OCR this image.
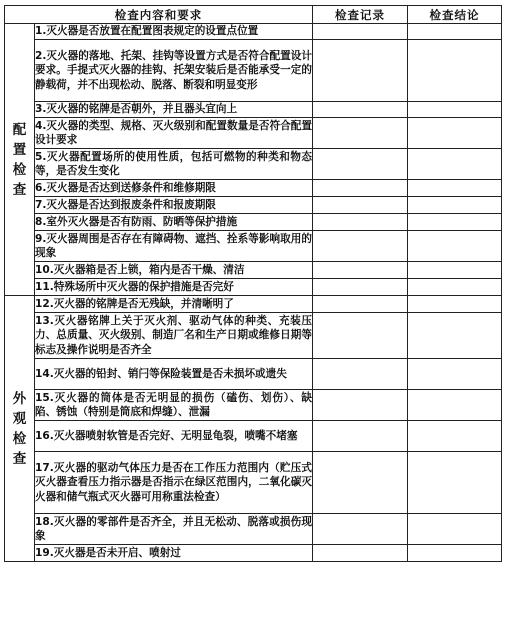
检查内容和要求		检查记录	检查结论

配置检查	1.灭火器是否放置在配置图表规定的设置点位置		
	2.灭火器的落地、托架、挂钩等设置方式是否符合配置设计要求。手提式灭火器的挂钩、托架安装后是否能承受一定的静载荷，并不出现松动、脱落、断裂和明显变形		
	3.灭火器的铭牌是否朝外，并且器头宜向上		
	4.灭火器的类型、规格、灭火级别和配置数量是否符合配置设计要求		
	5.灭火器配置场所的使用性质，包括可燃物的种类和物态等，是否发生变化		
	6.灭火器是否达到送修条件和维修期限		
	7.灭火器是否达到报废条件和报废期限		
	8.室外灭火器是否有防雨、防晒等保护措施		
	9.灭火器周围是否存在有障碍物、遮挡、拴系等影响取用的现象		
	10.灭火器箱是否上锁，箱内是否干燥、清洁		
	11.特殊场所中灭火器的保护措施是否完好		

外观检查	12.灭火器的铭牌是否无残缺，并清晰明了		
	13.灭火器铭牌上关于灭火剂、驱动气体的种类、充装压力、总质量、灭火级别、制造厂名和生产日期或维修日期等标志及操作说明是否齐全		
	14.灭火器的铅封、销闩等保险装置是否未损坏或遗失		
	15.灭火器的筒体是否无明显的损伤（磕伤、划伤）、缺陷、锈蚀（特别是筒底和焊缝）、泄漏		
	16.灭火器喷射软管是否完好、无明显龟裂，喷嘴不堵塞		
	17.灭火器的驱动气体压力是否在工作压力范围内（贮压式灭火器查看压力指示器是否指示在绿区范围内，二氧化碳灭火器和储气瓶式灭火器可用称重法检查）		
	18.灭火器的零部件是否齐全，并且无松动、脱落或损伤现象		
	19.灭火器是否未开启、喷射过		
